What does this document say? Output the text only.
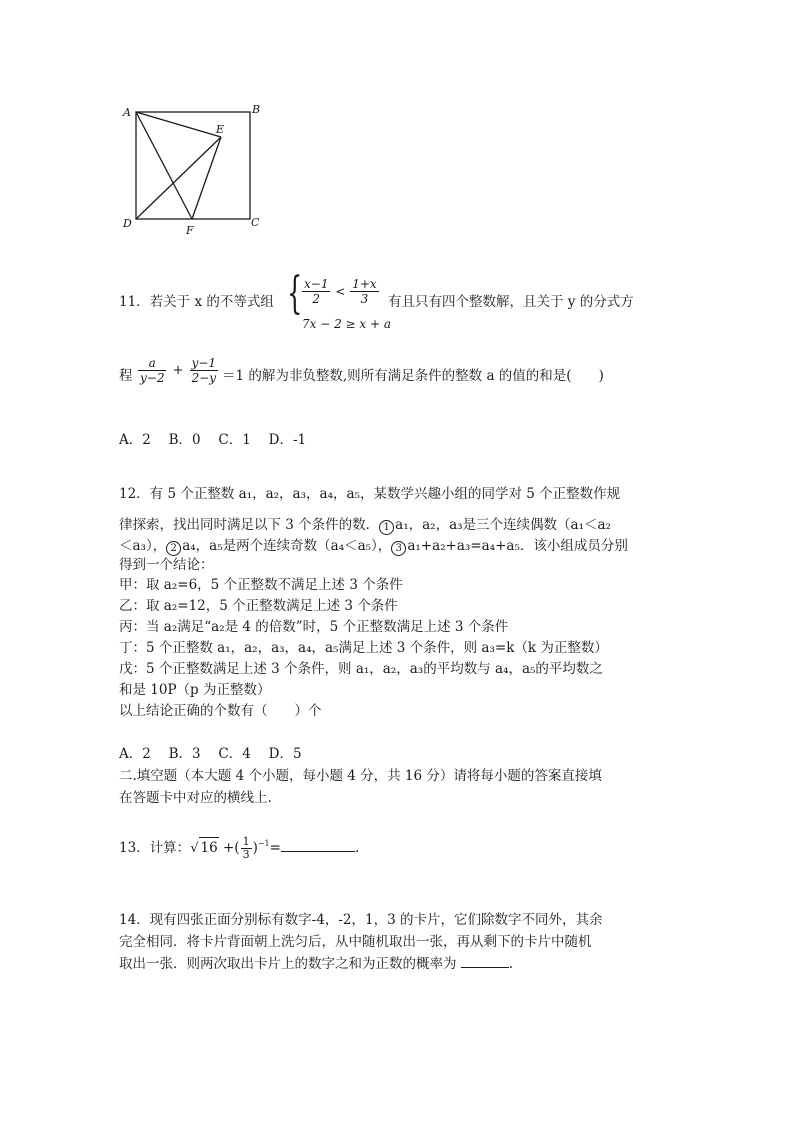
A	B
C
D
E
F
11．若关于 x 的不等式组 { $\frac{x-1}{2} < \frac{1+x}{3}$
7x − 2 ≥ x + a
有且只有四个整数解，且关于 y 的分式方
程 $\frac{a}{y-2} + \frac{y-1}{2-y} =1$ 的解为非负整数,则所有满足条件的整数 a 的值的和是(　　)
A．2　 B．0　 C．1　 D．-1
12．有 5 个正整数 a₁，a₂，a₃，a₄，a₅，某数学兴趣小组的同学对 5 个正整数作规
律探索，找出同时满足以下 3 个条件的数． 1 a₁，a₂，a₃是三个连续偶数（a₁＜a₂
＜a₃）， 2 a₄，a₅是两个连续奇数（a₄＜a₅）， 3 a₁+a₂+a₃=a₄+a₅．该小组成员分别
得到一个结论：
甲：取 a₂=6，5 个正整数不满足上述 3 个条件
乙：取 a₂=12，5 个正整数满足上述 3 个条件
丙：当 a₂满足“a₂是 4 的倍数”时，5 个正整数满足上述 3 个条件
丁：5 个正整数 a₁，a₂，a₃，a₄，a₅满足上述 3 个条件，则 a₃=k（k 为正整数）
戊：5 个正整数满足上述 3 个条件，则 a₁，a₂，a₃的平均数与 a₄，a₅的平均数之
和是 10P（p 为正整数）
以上结论正确的个数有（　　）个
A．2　 B．3　 C．4　 D．5
二.填空题（本大题 4 个小题，每小题 4 分，共 16 分）请将每小题的答案直接填
在答题卡中对应的横线上.
13．计算：√ 16 +( $\frac{1}{3} )^{-1}=$	.
14．现有四张正面分别标有数字-4，-2，1，3 的卡片，它们除数字不同外，其余
完全相同．将卡片背面朝上洗匀后，从中随机取出一张，再从剩下的卡片中随机
取出一张．则两次取出卡片上的数字之和为正数的概率为	.
